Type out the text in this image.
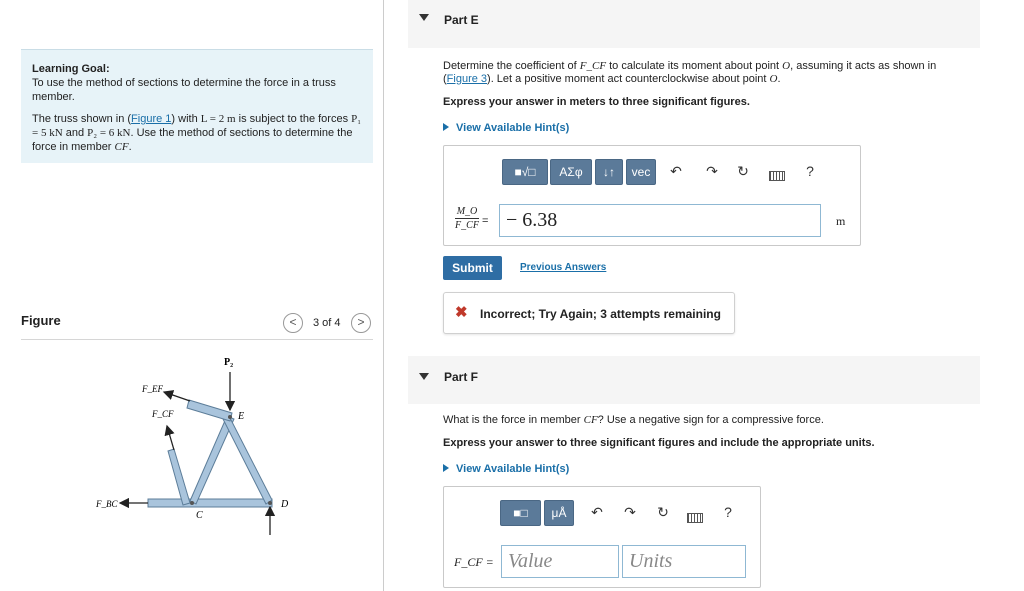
Learning Goal:
To use the method of sections to determine the force in a truss member.

The truss shown in (Figure 1) with L = 2 m is subject to the forces P₁ = 5 kN and P₂ = 6 kN. Use the method of sections to determine the force in member CF.

Figure	<	3 of 4	>
P₂
F_EF
F_CF	E
F_BC
C
D
Part E
Determine the coefficient of F_CF to calculate its moment about point O, assuming it acts as shown in (Figure 3). Let a positive moment act counterclockwise about point O.
Express your answer in meters to three significant figures.
View Available Hint(s)
■√□	ΑΣφ	↓↑	vec	↶ ↷ ↻	?
$\frac{M\_O}{F\_CF}$ = − 6.38	m
Submit	Previous Answers
✖ Incorrect; Try Again; 3 attempts remaining
Part F
What is the force in member CF? Use a negative sign for a compressive force.
Express your answer to three significant figures and include the appropriate units.
View Available Hint(s)
■□	μÅ	↶ ↷ ↻	?
F_CF = Value	Units
